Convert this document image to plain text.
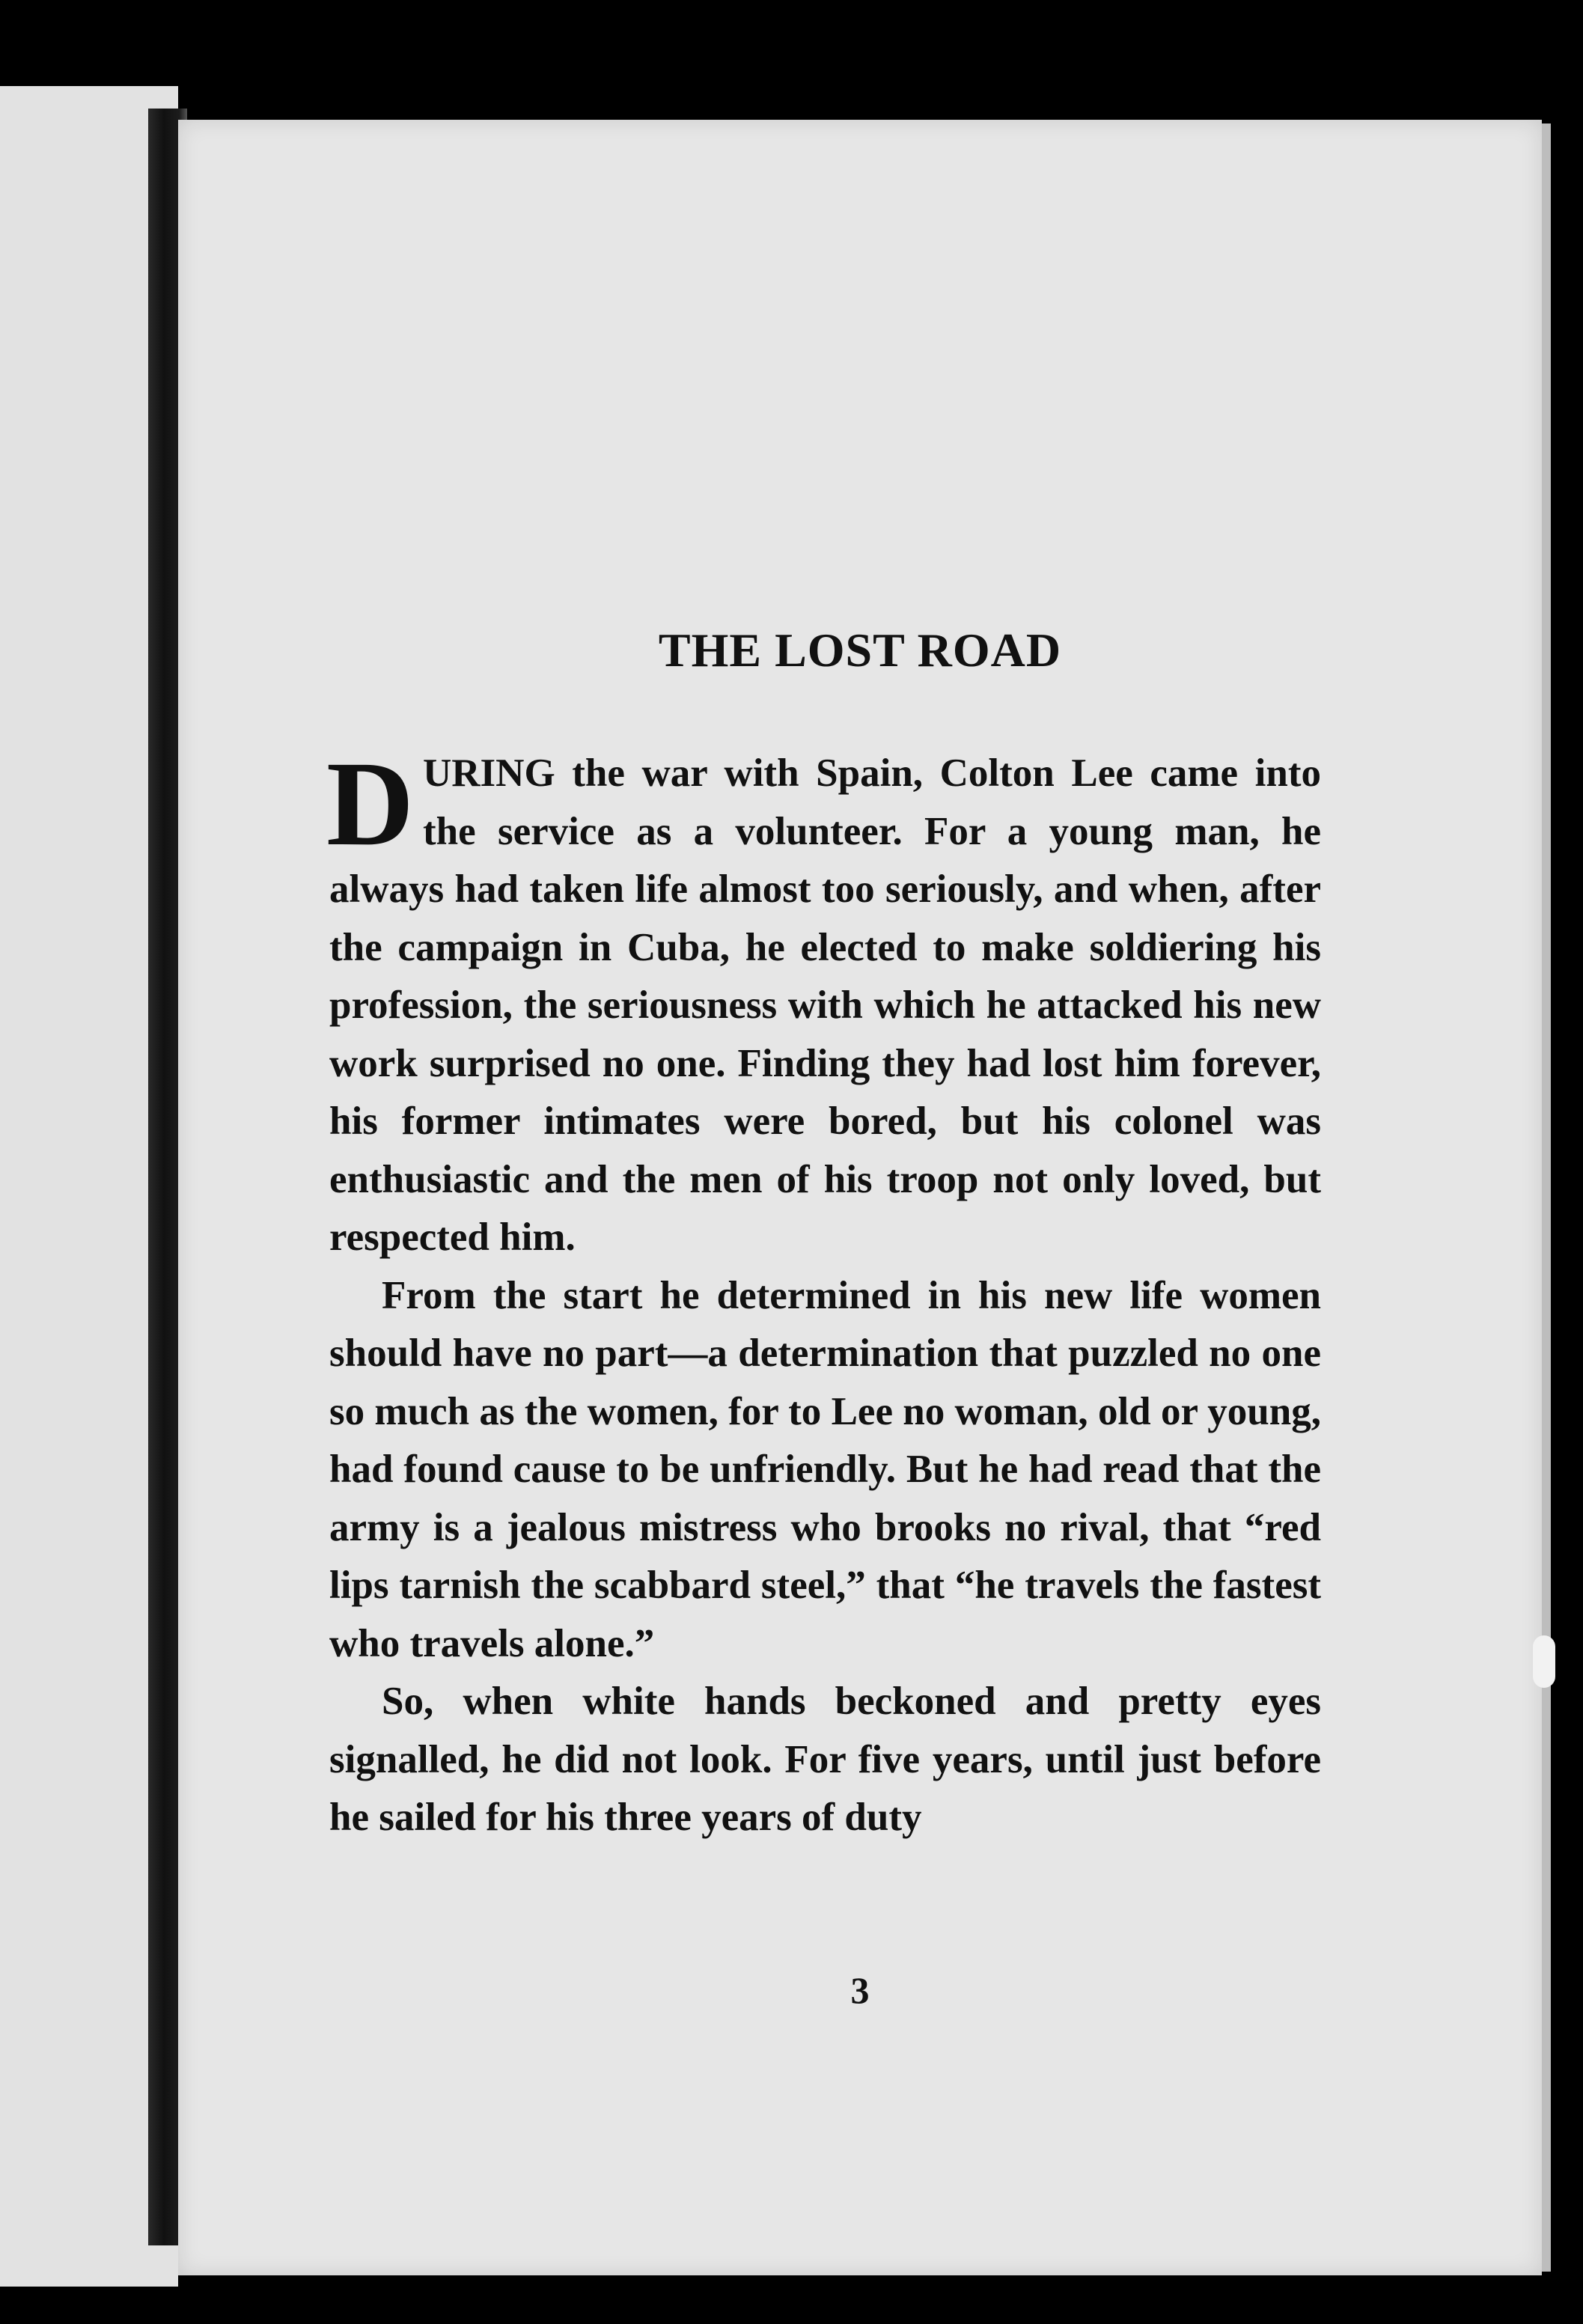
THE LOST ROAD

DURING the war with Spain, Colton Lee came into the service as a volunteer. For a young man, he always had taken life almost too seriously, and when, after the campaign in Cuba, he elected to make soldiering his profession, the seriousness with which he attacked his new work surprised no one. Finding they had lost him forever, his former intimates were bored, but his colonel was enthusiastic and the men of his troop not only loved, but respected him.

From the start he determined in his new life women should have no part—a determination that puzzled no one so much as the women, for to Lee no woman, old or young, had found cause to be unfriendly. But he had read that the army is a jealous mistress who brooks no rival, that “red lips tarnish the scabbard steel,” that “he travels the fastest who travels alone.”

So, when white hands beckoned and pretty eyes signalled, he did not look. For five years, until just before he sailed for his three years of duty

3
